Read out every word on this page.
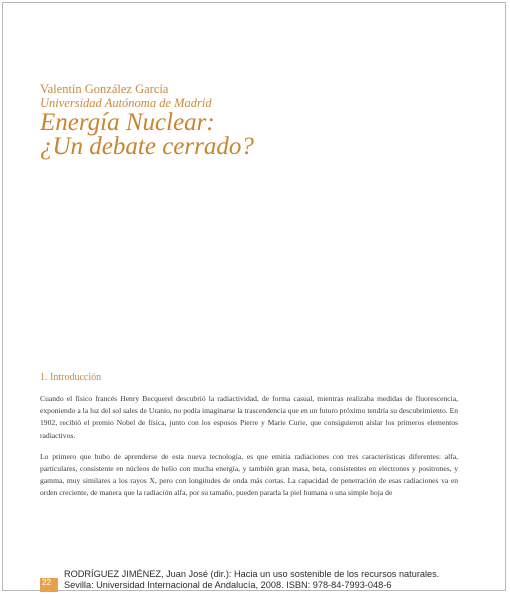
Valentín González García
Universidad Autónoma de Madrid
Energía Nuclear:
¿Un debate cerrado?
1. Introducción

Cuando el físico francés Henry Becquerel descubrió la radiactividad, de forma casual, mientras realizaba medidas de fluorescencia, exponiendo a la luz del sol sales de Uranio, no podía imaginarse la trascendencia que en un futuro próximo tendría su descubrimiento. En 1902, recibió el premio Nobel de física, junto con los esposos Pierre y Marie Curie, que consiguieron aislar los primeros elementos radiactivos.

Lo primero que hubo de aprenderse de esta nueva tecnología, es que emitía radiaciones con tres características diferentes: alfa, particulares, consistente en núcleos de helio con mucha energía, y también gran masa, beta, consistentes en electrones y positrones, y gamma, muy similares a los rayos X, pero con longitudes de onda más cortas. La capacidad de penetración de esas radiaciones va en orden creciente, de manera que la radiación alfa, por su tamaño, pueden pararla la piel humana o una simple hoja de

22
RODRÍGUEZ JIMÉNEZ, Juan José (dir.): Hacia un uso sostenible de los recursos naturales.
Sevilla: Universidad Internacional de Andalucía, 2008. ISBN: 978-84-7993-048-6
